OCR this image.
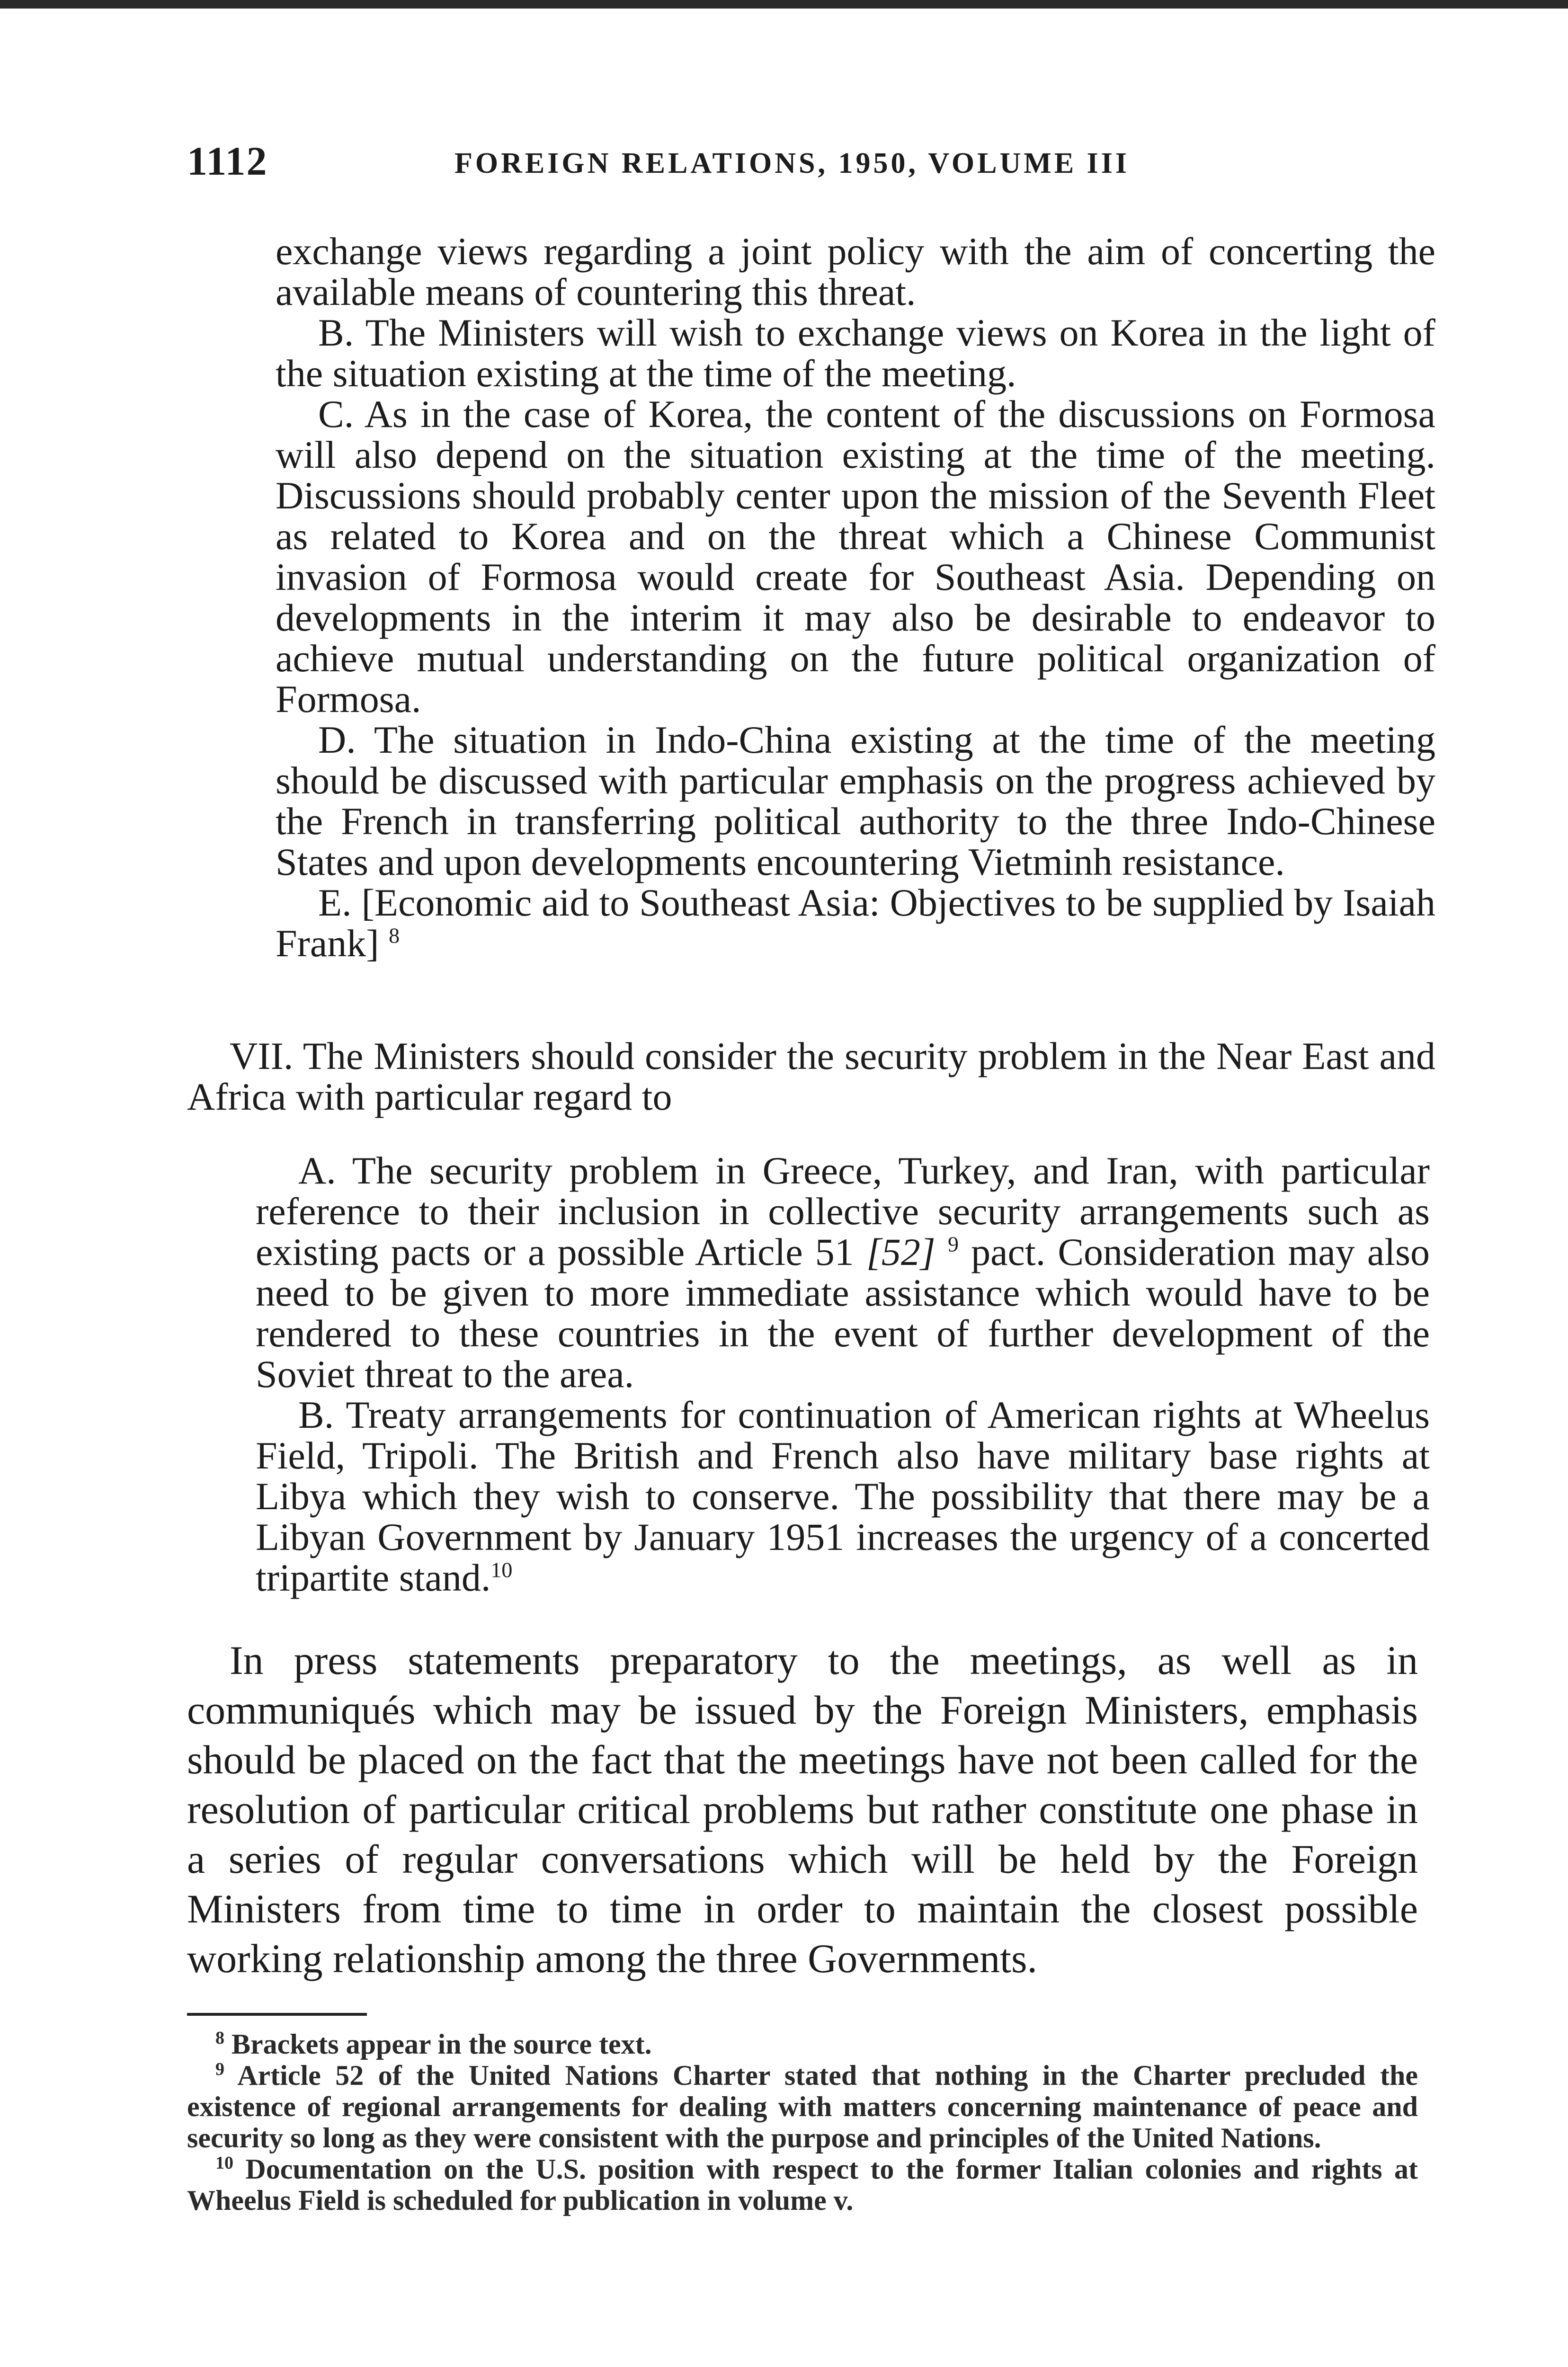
1112	FOREIGN RELATIONS, 1950, VOLUME III

exchange views regarding a joint policy with the aim of concerting the available means of countering this threat.

B. The Ministers will wish to exchange views on Korea in the light of the situation existing at the time of the meeting.

C. As in the case of Korea, the content of the discussions on Formosa will also depend on the situation existing at the time of the meeting. Discussions should probably center upon the mission of the Seventh Fleet as related to Korea and on the threat which a Chinese Communist invasion of Formosa would create for Southeast Asia. Depending on developments in the interim it may also be desirable to endeavor to achieve mutual understanding on the future political organization of Formosa.

D. The situation in Indo-China existing at the time of the meeting should be discussed with particular emphasis on the progress achieved by the French in transferring political authority to the three Indo-Chinese States and upon developments encountering Vietminh resistance.

E. [Economic aid to Southeast Asia: Objectives to be supplied by Isaiah Frank] $^8$

VII. The Ministers should consider the security problem in the Near East and Africa with particular regard to

A. The security problem in Greece, Turkey, and Iran, with particular reference to their inclusion in collective security arrangements such as existing pacts or a possible Article 51 [52] $^9$ pact. Consideration may also need to be given to more immediate assistance which would have to be rendered to these countries in the event of further development of the Soviet threat to the area.

B. Treaty arrangements for continuation of American rights at Wheelus Field, Tripoli. The British and French also have military base rights at Libya which they wish to conserve. The possibility that there may be a Libyan Government by January 1951 increases the urgency of a concerted tripartite stand.$^{10}$

In press statements preparatory to the meetings, as well as in communiqués which may be issued by the Foreign Ministers, emphasis should be placed on the fact that the meetings have not been called for the resolution of particular critical problems but rather constitute one phase in a series of regular conversations which will be held by the Foreign Ministers from time to time in order to maintain the closest possible working relationship among the three Governments.

$^8$ Brackets appear in the source text.

$^9$ Article 52 of the United Nations Charter stated that nothing in the Charter precluded the existence of regional arrangements for dealing with matters concerning maintenance of peace and security so long as they were consistent with the purpose and principles of the United Nations.

$^{10}$ Documentation on the U.S. position with respect to the former Italian colonies and rights at Wheelus Field is scheduled for publication in volume v.
